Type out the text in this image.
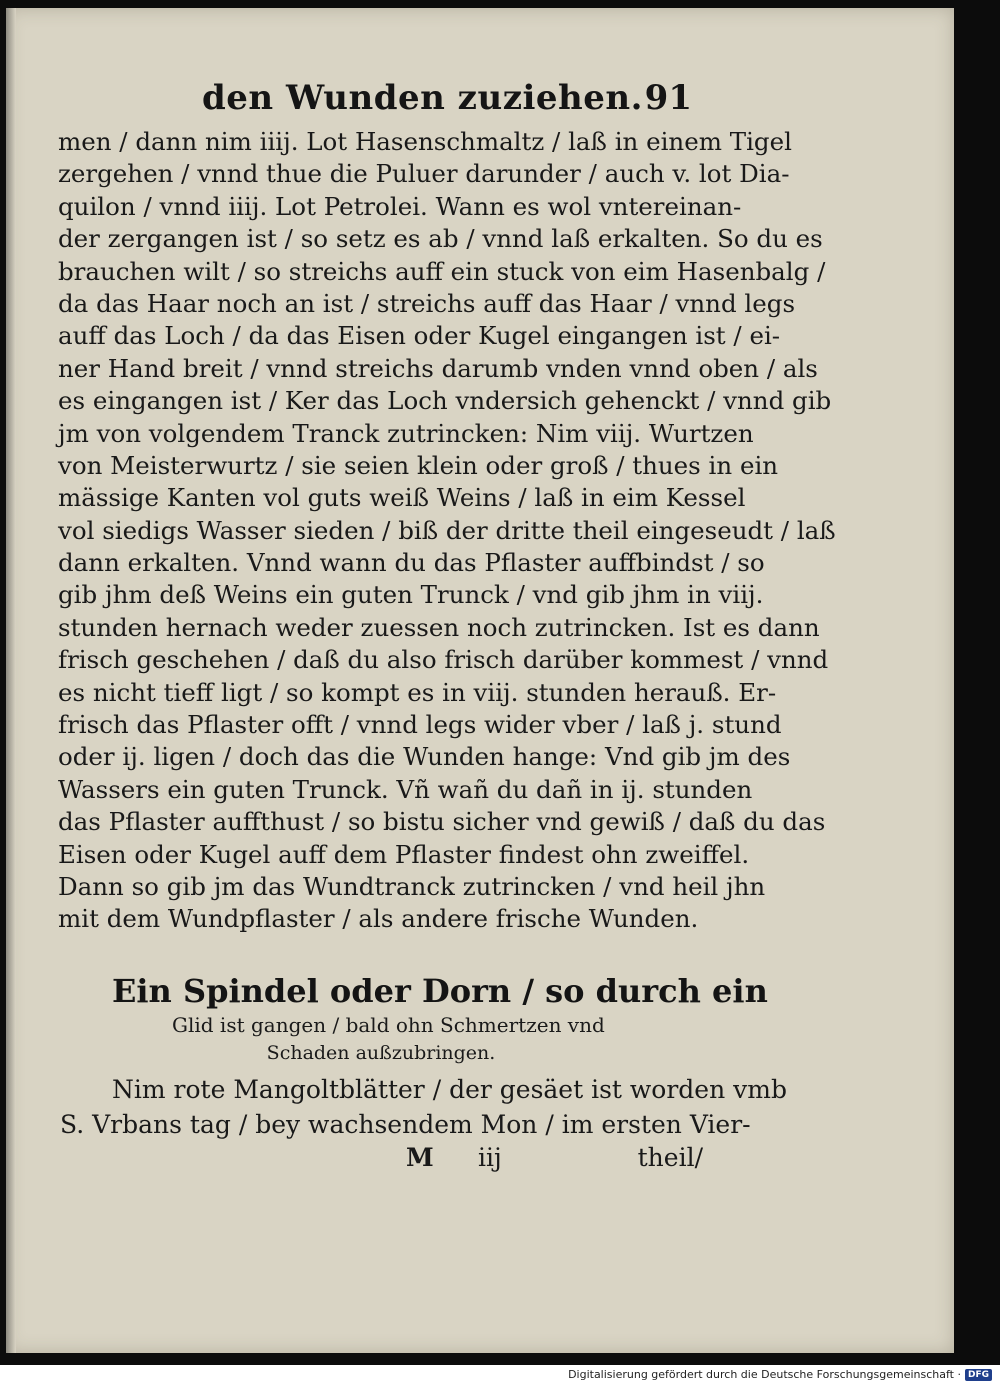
den Wunden zuziehen. 91
men / dann nim iiij. Lot Hasenschmaltz / laß in einem Tigel
zergehen / vnnd thue die Puluer darunder / auch v. lot Dia-
quilon / vnnd iiij. Lot Petrolei. Wann es wol vntereinan-
der zergangen ist / so setz es ab / vnnd laß erkalten. So du es
brauchen wilt / so streichs auff ein stuck von eim Hasenbalg /
da das Haar noch an ist / streichs auff das Haar / vnnd legs
auff das Loch / da das Eisen oder Kugel eingangen ist / ei-
ner Hand breit / vnnd streichs darumb vnden vnnd oben / als
es eingangen ist / Ker das Loch vndersich gehenckt / vnnd gib
jm von volgendem Tranck zutrincken: Nim viij. Wurtzen
von Meisterwurtz / sie seien klein oder groß / thues in ein
mässige Kanten vol guts weiß Weins / laß in eim Kessel
vol siedigs Wasser sieden / biß der dritte theil eingeseudt / laß
dann erkalten. Vnnd wann du das Pflaster auffbindst / so
gib jhm deß Weins ein guten Trunck / vnd gib jhm in viij.
stunden hernach weder zuessen noch zutrincken. Ist es dann
frisch geschehen / daß du also frisch darüber kommest / vnnd
es nicht tieff ligt / so kompt es in viij. stunden herauß. Er-
frisch das Pflaster offt / vnnd legs wider vber / laß j. stund
oder ij. ligen / doch das die Wunden hange: Vnd gib jm des
Wassers ein guten Trunck. Vñ wañ du dañ in ij. stunden
das Pflaster auffthust / so bistu sicher vnd gewiß / daß du das
Eisen oder Kugel auff dem Pflaster findest ohn zweiffel.
Dann so gib jm das Wundtranck zutrincken / vnd heil jhn
mit dem Wundpflaster / als andere frische Wunden.
Ein Spindel oder Dorn / so durch ein
Glid ist gangen / bald ohn Schmertzen vnd
Schaden außzubringen.
Nim rote Mangoltblätter / der gesäet ist worden vmb
S. Vrbans tag / bey wachsendem Mon / im ersten Vier-
M iij	theil/
Digitalisierung gefördert durch die Deutsche Forschungsgemeinschaft · DFG
